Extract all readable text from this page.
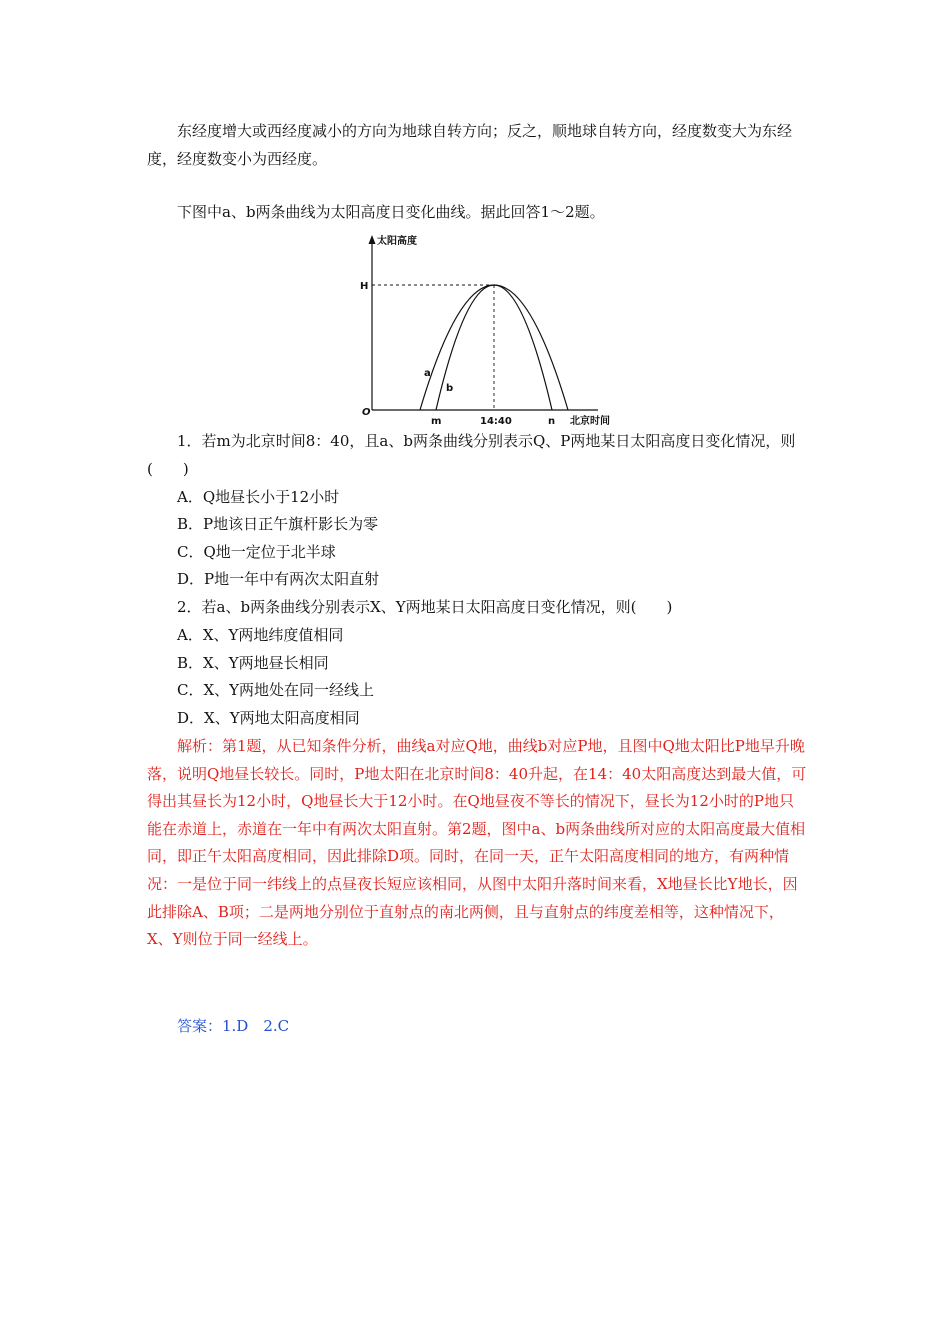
东经度增大或西经度减小的方向为地球自转方向；反之，顺地球自转方向，经度数变大为东经度，经度数变小为西经度。

下图中a、b两条曲线为太阳高度日变化曲线。据此回答1～2题。

太阳高度
H
O
m	14:40	n 北京时间
a
b

1．若m为北京时间8：40，且a、b两条曲线分别表示Q、P两地某日太阳高度日变化情况，则(　　)

A．Q地昼长小于12小时

B．P地该日正午旗杆影长为零

C．Q地一定位于北半球

D．P地一年中有两次太阳直射

2．若a、b两条曲线分别表示X、Y两地某日太阳高度日变化情况，则(　　)

A．X、Y两地纬度值相同

B．X、Y两地昼长相同

C．X、Y两地处在同一经线上

D．X、Y两地太阳高度相同

解析：第1题，从已知条件分析，曲线a对应Q地，曲线b对应P地，且图中Q地太阳比P地早升晚落，说明Q地昼长较长。同时，P地太阳在北京时间8：40升起，在14：40太阳高度达到最大值，可得出其昼长为12小时，Q地昼长大于12小时。在Q地昼夜不等长的情况下，昼长为12小时的P地只能在赤道上，赤道在一年中有两次太阳直射。第2题，图中a、b两条曲线所对应的太阳高度最大值相同，即正午太阳高度相同，因此排除D项。同时，在同一天，正午太阳高度相同的地方，有两种情况：一是位于同一纬线上的点昼夜长短应该相同，从图中太阳升落时间来看，X地昼长比Y地长，因此排除A、B项；二是两地分别位于直射点的南北两侧，且与直射点的纬度差相等，这种情况下，X、Y则位于同一经线上。

答案：1.D　2.C
